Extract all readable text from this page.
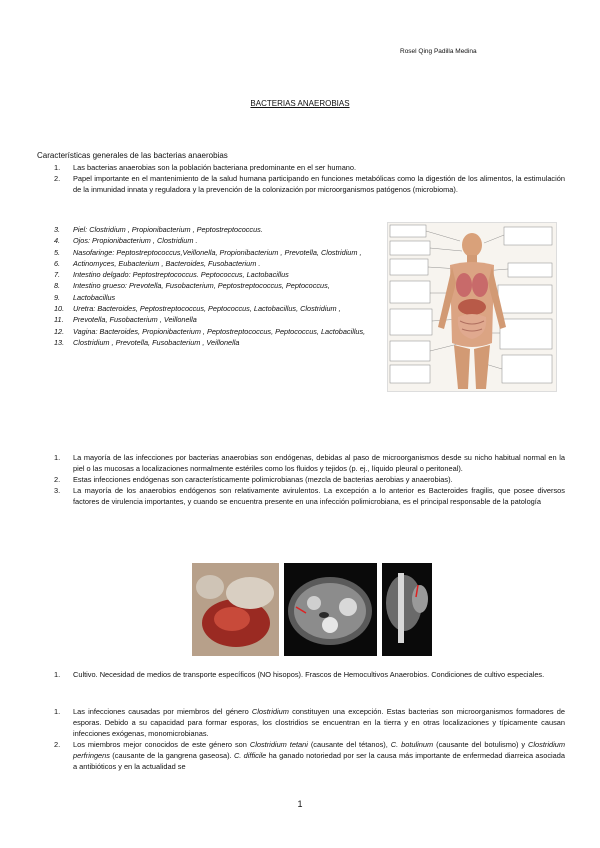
Rosel Qing Padilla Medina
BACTERIAS ANAEROBIAS
Características generales de las bacterias anaerobias
1. Las bacterias anaerobias son la población bacteriana predominante en el ser humano.
2. Papel importante en el mantenimiento de la salud humana participando en funciones metabólicas como la digestión de los alimentos, la estimulación de la inmunidad innata y reguladora y la prevención de la colonización por microorganismos patógenos (microbioma).
3. Piel: Clostridium , Propionibacterium , Peptostreptococcus.
4. Ojos: Propionibacterium , Clostridium .
5. Nasofaringe: Peptostreptococcus,Veillonella, Propionibacterium , Prevotella, Clostridium ,
6. Actinomyces, Eubacterium , Bacteroides, Fusobacterium .
7. Intestino delgado: Peptostreptococcus. Peptococcus, Lactobacillus
8. Intestino grueso: Prevotella, Fusobacterium, Peptostreptococcus, Peptococcus,
9. Lactobacillus
10. Uretra: Bacteroides, Peptostreptococcus, Peptococcus, Lactobacillus, Clostridium ,
11. Prevotella, Fusobacterium , Veillonella
12. Vagina: Bacteroides, Propionibacterium , Peptostreptococcus, Peptococcus, Lactobacillus,
13. Clostridium , Prevotella, Fusobacterium , Veillonella
1. La mayoría de las infecciones por bacterias anaerobias son endógenas, debidas al paso de microorganismos desde su nicho habitual normal en la piel o las mucosas a localizaciones normalmente estériles como los fluidos y tejidos (p. ej., líquido pleural o peritoneal).
2. Estas infecciones endógenas son característicamente polimicrobianas (mezcla de bacterias aerobias y anaerobias).
3. La mayoría de los anaerobios endógenos son relativamente avirulentos. La excepción a lo anterior es Bacteroides fragilis, que posee diversos factores de virulencia importantes, y cuando se encuentra presente en una infección polimicrobiana, es el principal responsable de la patología
1. Cultivo. Necesidad de medios de transporte específicos (NO hisopos). Frascos de Hemocultivos Anaerobios. Condiciones de cultivo especiales.
1. Las infecciones causadas por miembros del género Clostridium constituyen una excepción. Estas bacterias son microorganismos formadores de esporas. Debido a su capacidad para formar esporas, los clostridios se encuentran en la tierra y en otras localizaciones y típicamente causan infecciones exógenas, monomicrobianas.
2. Los miembros mejor conocidos de este género son Clostridium tetani (causante del tétanos), C. botulinum (causante del botulismo) y Clostridium perfringens (causante de la gangrena gaseosa). C. difficile ha ganado notoriedad por ser la causa más importante de enfermedad diarreica asociada a antibióticos y en la actualidad se
1
